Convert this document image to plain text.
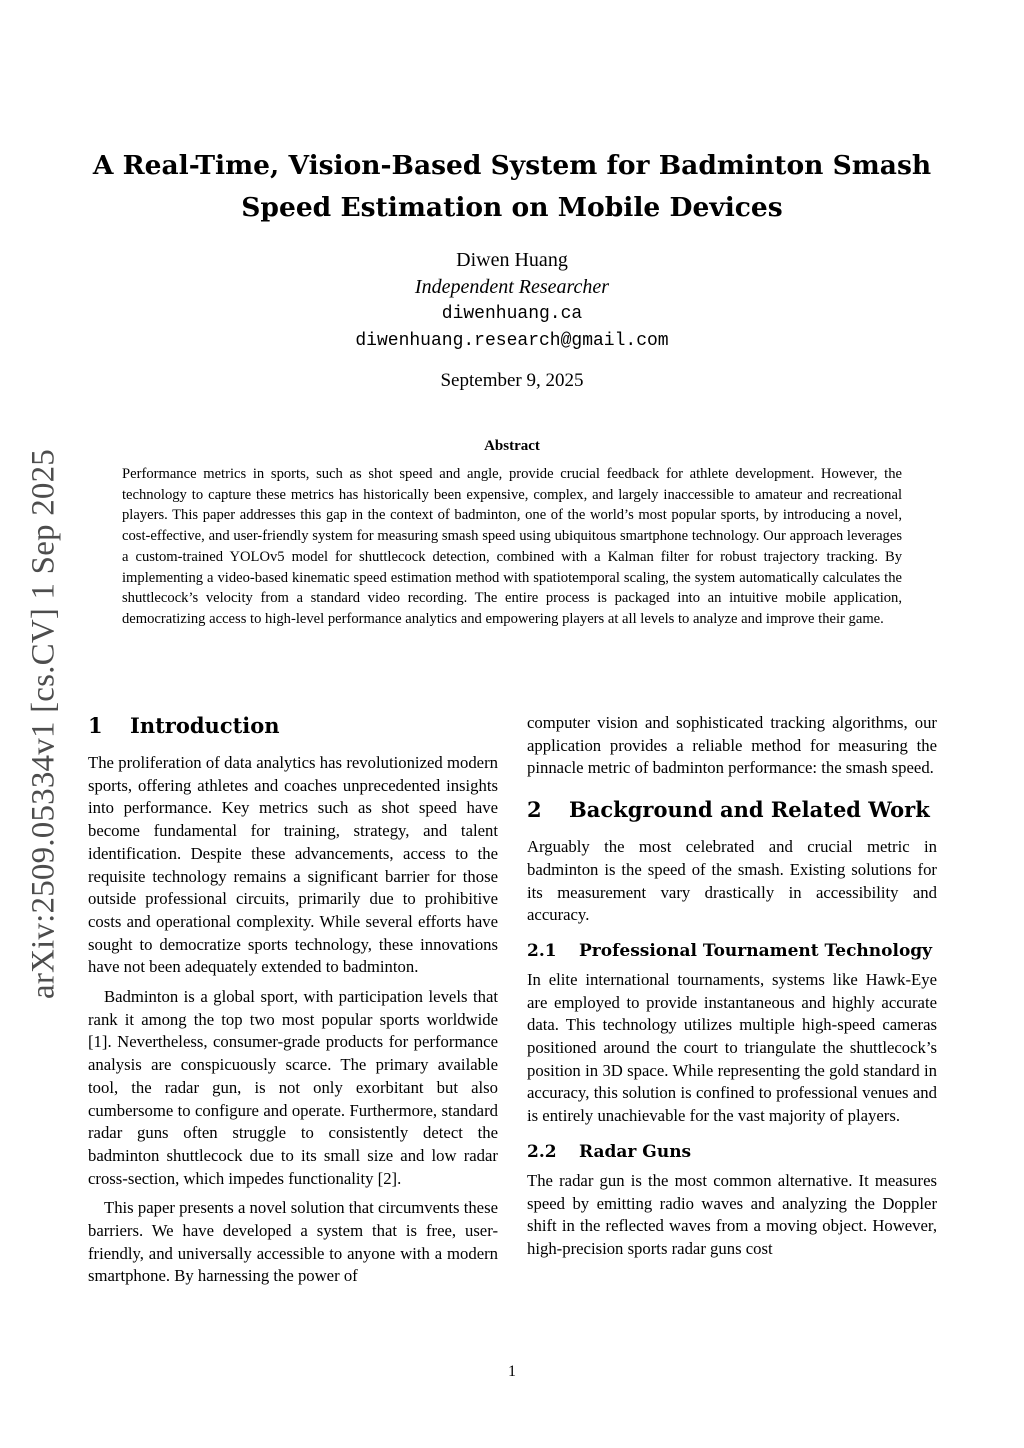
arXiv:2509.05334v1 [cs.CV] 1 Sep 2025
A Real-Time, Vision-Based System for Badminton Smash
Speed Estimation on Mobile Devices
Diwen Huang
Independent Researcher
diwenhuang.ca
diwenhuang.research@gmail.com
September 9, 2025
Abstract
Performance metrics in sports, such as shot speed and angle, provide crucial feedback for athlete development. However, the technology to capture these metrics has historically been expensive, complex, and largely inaccessible to amateur and recreational players. This paper addresses this gap in the context of badminton, one of the world’s most popular sports, by introducing a novel, cost-effective, and user-friendly system for measuring smash speed using ubiquitous smartphone technology. Our approach leverages a custom-trained YOLOv5 model for shuttlecock detection, combined with a Kalman filter for robust trajectory tracking. By implementing a video-based kinematic speed estimation method with spatiotemporal scaling, the system automatically calculates the shuttlecock’s velocity from a standard video recording. The entire process is packaged into an intuitive mobile application, democratizing access to high-level performance analytics and empowering players at all levels to analyze and improve their game.
1	Introduction

The proliferation of data analytics has revolutionized modern sports, offering athletes and coaches unprecedented insights into performance. Key metrics such as shot speed have become fundamental for training, strategy, and talent identification. Despite these advancements, access to the requisite technology remains a significant barrier for those outside professional circuits, primarily due to prohibitive costs and operational complexity. While several efforts have sought to democratize sports technology, these innovations have not been adequately extended to badminton.

Badminton is a global sport, with participation levels that rank it among the top two most popular sports worldwide [1]. Nevertheless, consumer-grade products for performance analysis are conspicuously scarce. The primary available tool, the radar gun, is not only exorbitant but also cumbersome to configure and operate. Furthermore, standard radar guns often struggle to consistently detect the badminton shuttlecock due to its small size and low radar cross-section, which impedes functionality [2].

This paper presents a novel solution that circumvents these barriers. We have developed a system that is free, user-friendly, and universally accessible to anyone with a modern smartphone. By harnessing the power of

computer vision and sophisticated tracking algorithms, our application provides a reliable method for measuring the pinnacle metric of badminton performance: the smash speed.

2	Background and Related Work

Arguably the most celebrated and crucial metric in badminton is the speed of the smash. Existing solutions for its measurement vary drastically in accessibility and accuracy.

2.1	Professional Tournament Technology

In elite international tournaments, systems like Hawk-Eye are employed to provide instantaneous and highly accurate data. This technology utilizes multiple high-speed cameras positioned around the court to triangulate the shuttlecock’s position in 3D space. While representing the gold standard in accuracy, this solution is confined to professional venues and is entirely unachievable for the vast majority of players.

2.2	Radar Guns

The radar gun is the most common alternative. It measures speed by emitting radio waves and analyzing the Doppler shift in the reflected waves from a moving object. However, high-precision sports radar guns cost

1
